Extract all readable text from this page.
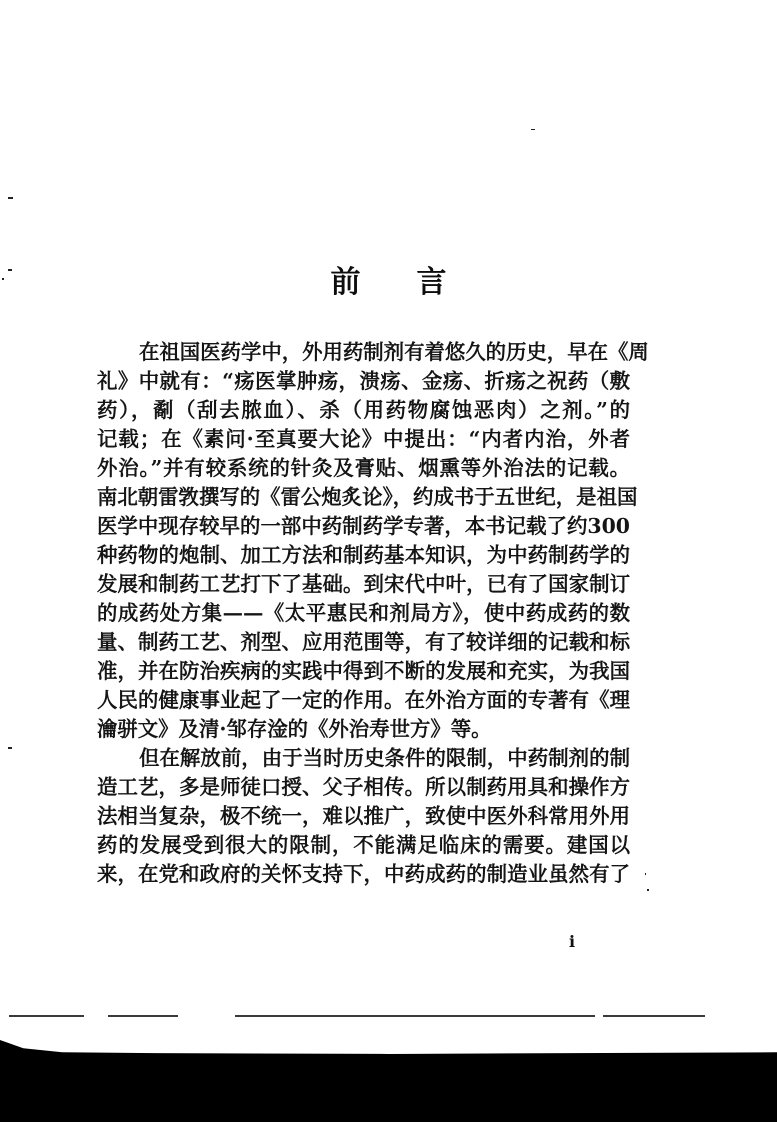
前 言
在祖国医药学中，外用药制剂有着悠久的历史，早在《周
礼》中就有：“疡医掌肿疡，溃疡、金疡、折疡之祝药（敷
药），劀（刮去脓血）、杀（用药物腐蚀恶肉）之剂。”的
记载；在《素问·至真要大论》中提出：“内者内治，外者
外治。”并有较系统的针灸及膏贴、烟熏等外治法的记载。
南北朝雷敩撰写的《雷公炮炙论》，约成书于五世纪，是祖国
医学中现存较早的一部中药制药学专著，本书记载了约300
种药物的炮制、加工方法和制药基本知识，为中药制药学的
发展和制药工艺打下了基础。到宋代中叶，已有了国家制订
的成药处方集——《太平惠民和剂局方》，使中药成药的数
量、制药工艺、剂型、应用范围等，有了较详细的记载和标
准，并在防治疾病的实践中得到不断的发展和充实，为我国
人民的健康事业起了一定的作用。在外治方面的专著有《理
瀹骈文》及清·邹存淦的《外治寿世方》等。
但在解放前，由于当时历史条件的限制，中药制剂的制
造工艺，多是师徒口授、父子相传。所以制药用具和操作方
法相当复杂，极不统一，难以推广，致使中医外科常用外用
药的发展受到很大的限制，不能满足临床的需要。建国以
来，在党和政府的关怀支持下，中药成药的制造业虽然有了
i
